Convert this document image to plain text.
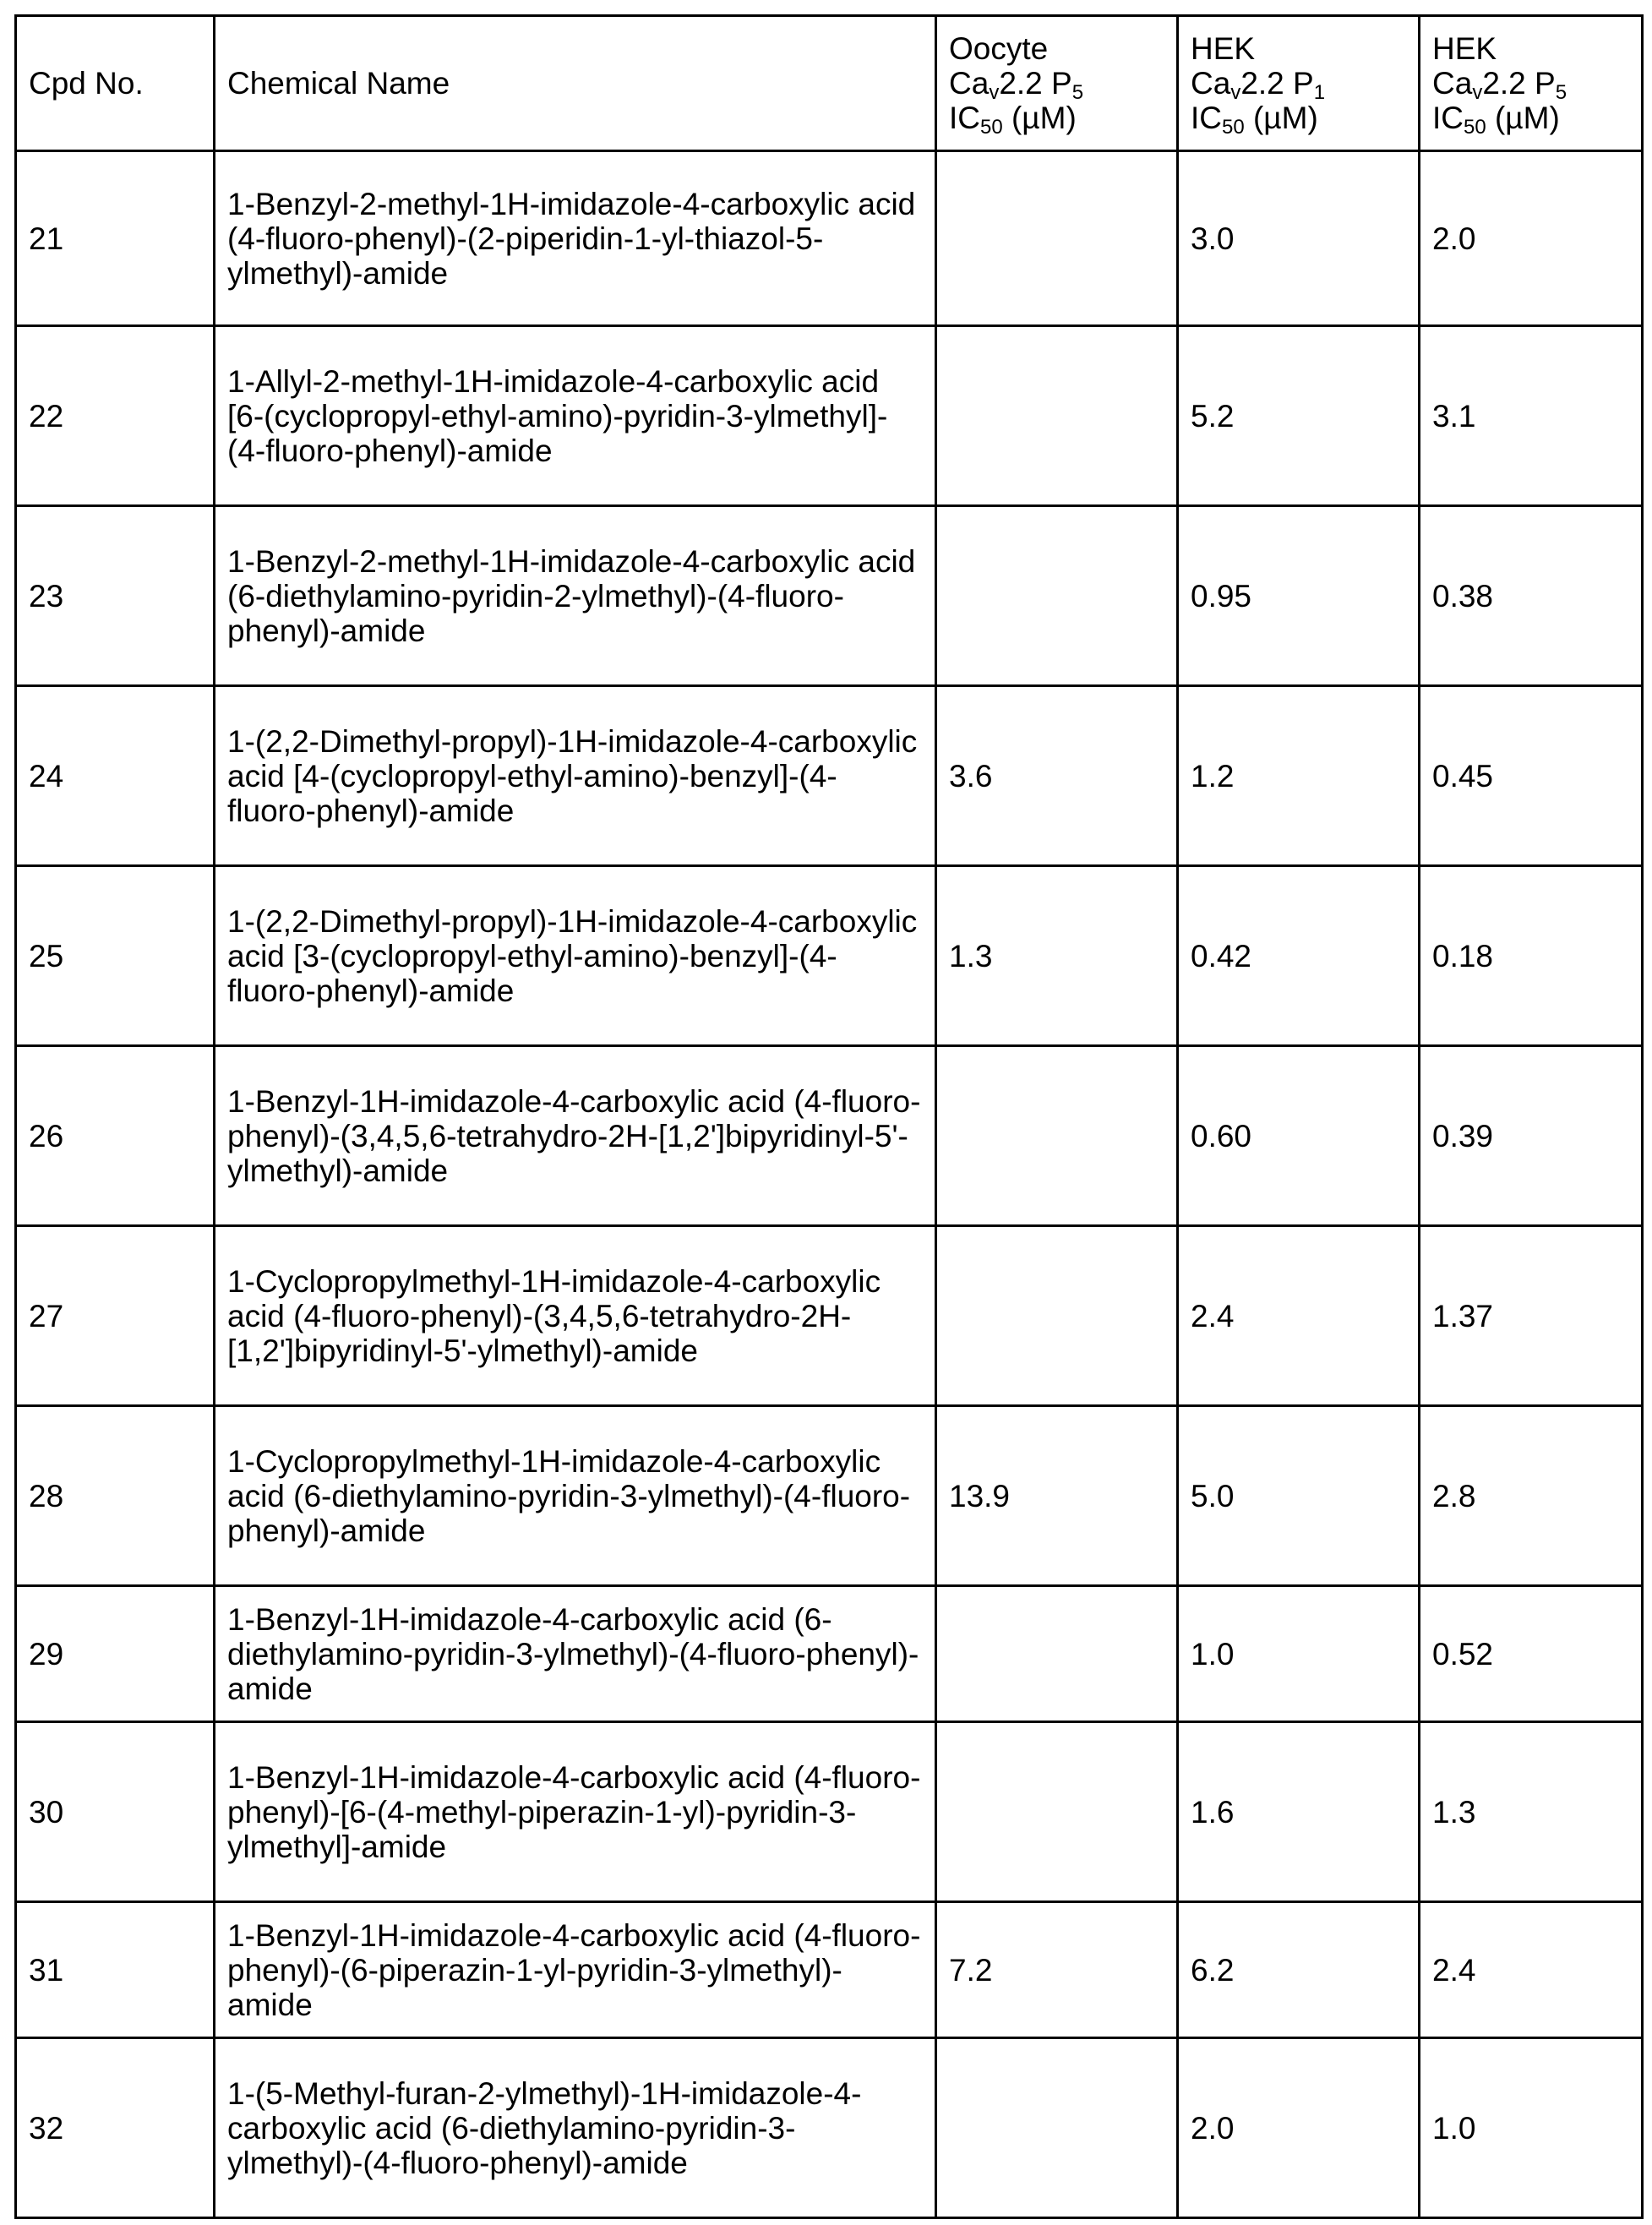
Cpd No.	Chemical Name	
Oocyte
Cav2.2 P5
IC50 (µM)

HEK
Cav2.2 P1
IC50 (µM)

HEK
Cav2.2 P5
IC50 (µM)

21	1-Benzyl-2-methyl-1H-imidazole-4-carboxylic acid (4-fluoro-phenyl)-(2-piperidin-1-yl-thiazol-5-ylmethyl)-amide		3.0	2.0
22	1-Allyl-2-methyl-1H-imidazole-4-carboxylic acid [6-(cyclopropyl-ethyl-amino)-pyridin-3-ylmethyl]-(4-fluoro-phenyl)-amide		5.2	3.1
23	1-Benzyl-2-methyl-1H-imidazole-4-carboxylic acid (6-diethylamino-pyridin-2-ylmethyl)-(4-fluoro-phenyl)-amide		0.95	0.38
24	1-(2,2-Dimethyl-propyl)-1H-imidazole-4-carboxylic acid [4-(cyclopropyl-ethyl-amino)-benzyl]-(4-fluoro-phenyl)-amide	3.6	1.2	0.45
25	1-(2,2-Dimethyl-propyl)-1H-imidazole-4-carboxylic acid [3-(cyclopropyl-ethyl-amino)-benzyl]-(4-fluoro-phenyl)-amide	1.3	0.42	0.18
26	1-Benzyl-1H-imidazole-4-carboxylic acid (4-fluoro-phenyl)-(3,4,5,6-tetrahydro-2H-[1,2']bipyridinyl-5'-ylmethyl)-amide		0.60	0.39
27	1-Cyclopropylmethyl-1H-imidazole-4-carboxylic acid (4-fluoro-phenyl)-(3,4,5,6-tetrahydro-2H-[1,2']bipyridinyl-5'-ylmethyl)-amide		2.4	1.37
28	1-Cyclopropylmethyl-1H-imidazole-4-carboxylic acid (6-diethylamino-pyridin-3-ylmethyl)-(4-fluoro-phenyl)-amide	13.9	5.0	2.8
29	1-Benzyl-1H-imidazole-4-carboxylic acid (6-diethylamino-pyridin-3-ylmethyl)-(4-fluoro-phenyl)-amide		1.0	0.52
30	1-Benzyl-1H-imidazole-4-carboxylic acid (4-fluoro-phenyl)-[6-(4-methyl-piperazin-1-yl)-pyridin-3-ylmethyl]-amide		1.6	1.3
31	1-Benzyl-1H-imidazole-4-carboxylic acid (4-fluoro-phenyl)-(6-piperazin-1-yl-pyridin-3-ylmethyl)-amide	7.2	6.2	2.4
32	1-(5-Methyl-furan-2-ylmethyl)-1H-imidazole-4-carboxylic acid (6-diethylamino-pyridin-3-ylmethyl)-(4-fluoro-phenyl)-amide		2.0	1.0
